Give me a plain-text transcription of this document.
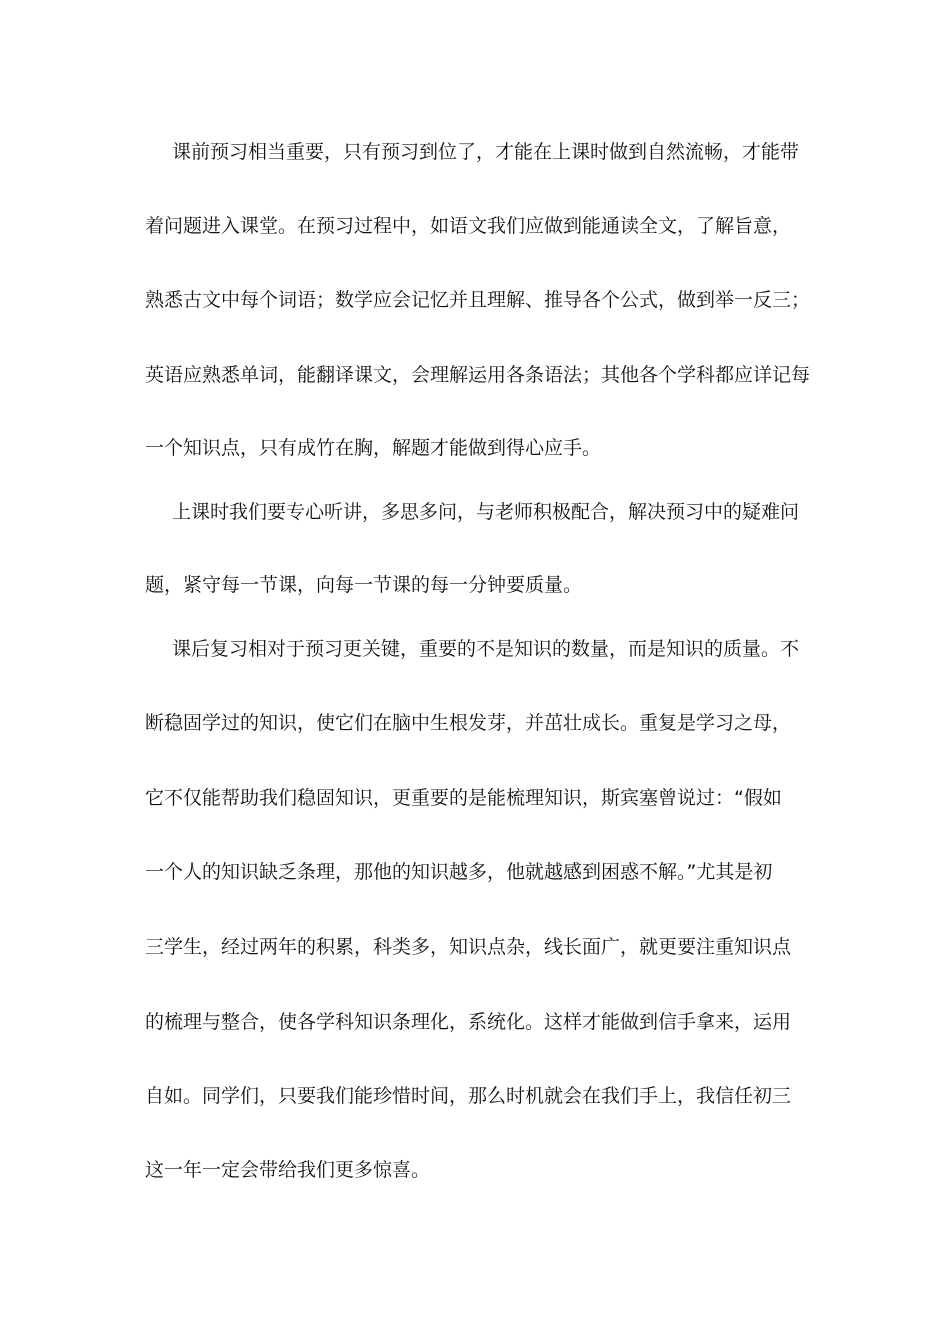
课前预习相当重要，只有预习到位了，才能在上课时做到自然流畅，才能带
着问题进入课堂。在预习过程中，如语文我们应做到能通读全文，了解旨意，
熟悉古文中每个词语；数学应会记忆并且理解、推导各个公式，做到举一反三；
英语应熟悉单词，能翻译课文，会理解运用各条语法；其他各个学科都应详记每
一个知识点，只有成竹在胸，解题才能做到得心应手。
上课时我们要专心听讲，多思多问，与老师积极配合，解决预习中的疑难问
题，紧守每一节课，向每一节课的每一分钟要质量。
课后复习相对于预习更关键，重要的不是知识的数量，而是知识的质量。不
断稳固学过的知识，使它们在脑中生根发芽，并茁壮成长。重复是学习之母，
它不仅能帮助我们稳固知识，更重要的是能梳理知识，斯宾塞曾说过：“假如
一个人的知识缺乏条理，那他的知识越多，他就越感到困惑不解。”尤其是初
三学生，经过两年的积累，科类多，知识点杂，线长面广，就更要注重知识点
的梳理与整合，使各学科知识条理化，系统化。这样才能做到信手拿来，运用
自如。同学们，只要我们能珍惜时间，那么时机就会在我们手上，我信任初三
这一年一定会带给我们更多惊喜。
